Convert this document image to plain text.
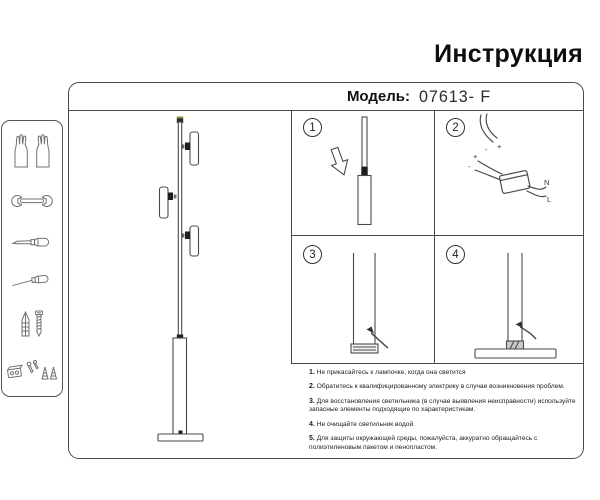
Инструкция
Модель: 07613- F
1	2
+
-
+
-
N
L
3	4

1. Не прикасайтесь к лампочке, когда она светится

2. Обратитесь к квалифицированному электрику в случае возникновения проблем.

3. Для восстановления светильника (в случае выявления неисправности) используйте запасные элементы подходящие по характеристикам.

4. Не очищайте светильник водой.

5. Для защиты окружающей среды, пожалуйста, аккуратно обращайтесь с полиэтиленовым пакетом и пенопластом.
